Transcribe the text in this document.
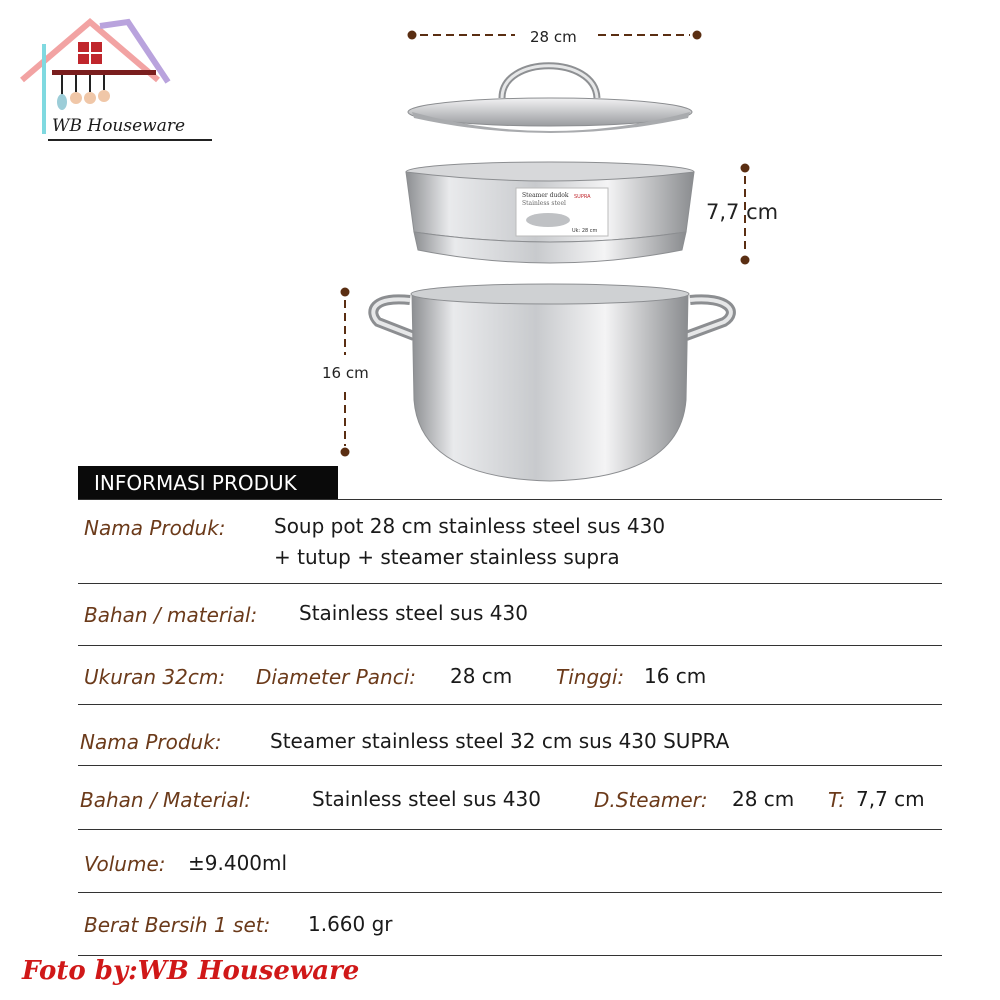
WB Houseware
28 cm
7,7 cm
16 cm
Steamer dudok
Stainless steel
SUPRA
Uk: 28 cm
INFORMASI PRODUK
Nama Produk: Soup pot 28 cm stainless steel sus 430
+ tutup + steamer stainless supra
Bahan / material: Stainless steel sus 430
Ukuran 32cm: Diameter Panci: 28 cm Tinggi: 16 cm
Nama Produk: Steamer stainless steel 32 cm sus 430 SUPRA
Bahan / Material:	Stainless steel sus 430	D.Steamer: 28 cm T: 7,7 cm
Volume: ±9.400ml
Berat Bersih 1 set: 1.660 gr
Foto by:WB Houseware
